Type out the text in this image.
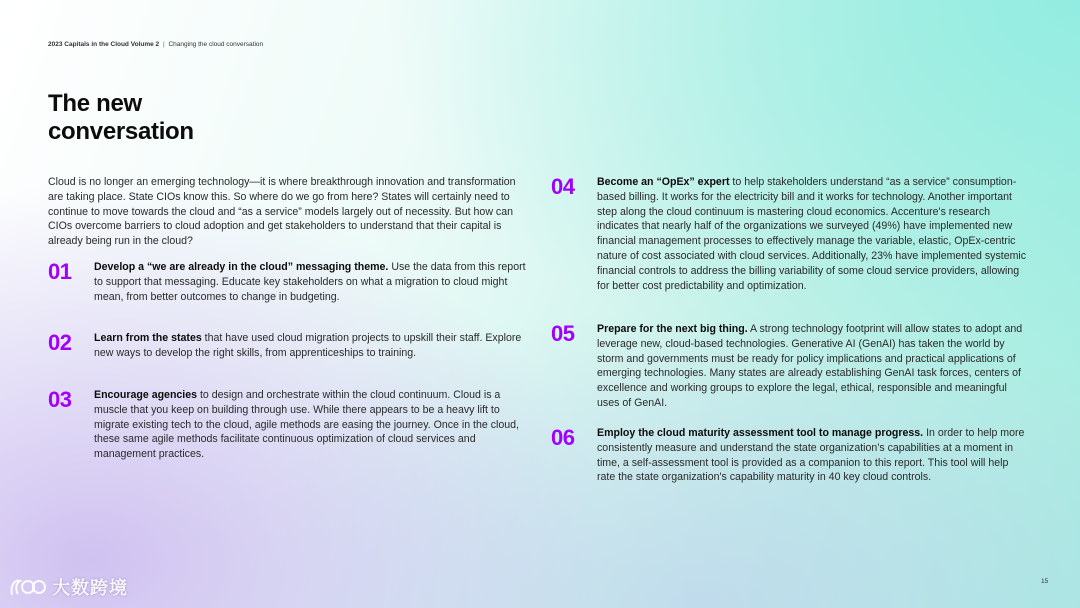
2023 Capitals in the Cloud Volume 2 | Changing the cloud conversation
The new
conversation

Cloud is no longer an emerging technology—it is where breakthrough innovation and transformation are taking place. State CIOs know this. So where do we go from here? States will certainly need to continue to move towards the cloud and “as a service” models largely out of necessity. But how can CIOs overcome barriers to cloud adoption and get stakeholders to understand that their capital is already being run in the cloud?

01	Develop a “we are already in the cloud” messaging theme. Use the data from this report to support that messaging. Educate key stakeholders on what a migration to cloud might mean, from better outcomes to change in budgeting.

02	Learn from the states that have used cloud migration projects to upskill their staff. Explore new ways to develop the right skills, from apprenticeships to training.

03	Encourage agencies to design and orchestrate within the cloud continuum. Cloud is a muscle that you keep on building through use. While there appears to be a heavy lift to migrate existing tech to the cloud, agile methods are easing the journey. Once in the cloud, these same agile methods facilitate continuous optimization of cloud services and management practices.

04	Become an “OpEx” expert to help stakeholders understand “as a service” consumption-based billing. It works for the electricity bill and it works for technology. Another important step along the cloud continuum is mastering cloud economics. Accenture's research indicates that nearly half of the organizations we surveyed (49%) have implemented new financial management processes to effectively manage the variable, elastic, OpEx-centric nature of cost associated with cloud services. Additionally, 23% have implemented systemic financial controls to address the billing variability of some cloud service providers, allowing for better cost predictability and optimization.

05	Prepare for the next big thing. A strong technology footprint will allow states to adopt and leverage new, cloud-based technologies. Generative AI (GenAI) has taken the world by storm and governments must be ready for policy implications and practical applications of emerging technologies. Many states are already establishing GenAI task forces, centers of excellence and working groups to explore the legal, ethical, responsible and meaningful uses of GenAI.

06	Employ the cloud maturity assessment tool to manage progress. In order to help more consistently measure and understand the state organization's capabilities at a moment in time, a self-assessment tool is provided as a companion to this report. This tool will help rate the state organization's capability maturity in 40 key cloud controls.

15
大数跨境
